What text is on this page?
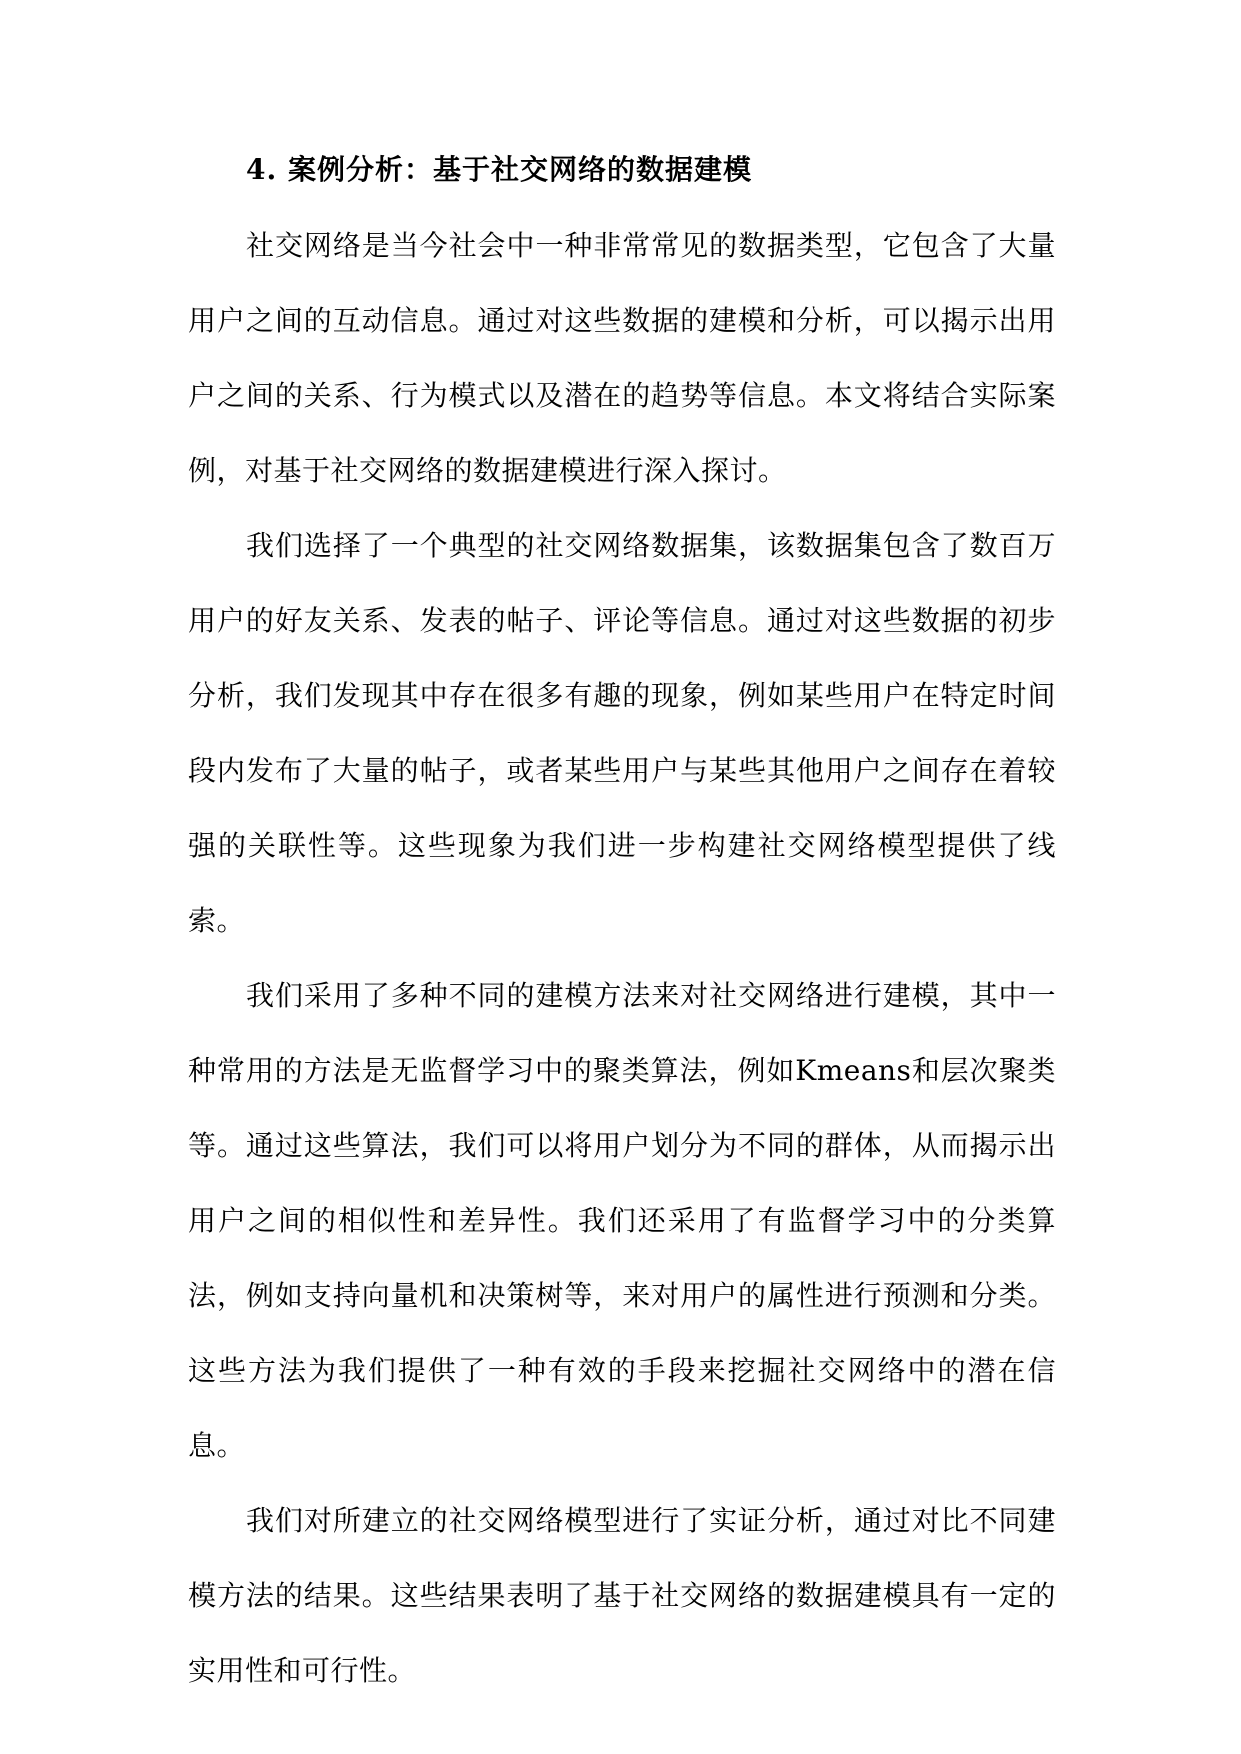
4. 案例分析：基于社交网络的数据建模

社交网络是当今社会中一种非常常见的数据类型，它包含了大量用户之间的互动信息。通过对这些数据的建模和分析，可以揭示出用户之间的关系、行为模式以及潜在的趋势等信息。本文将结合实际案例，对基于社交网络的数据建模进行深入探讨。

我们选择了一个典型的社交网络数据集，该数据集包含了数百万用户的好友关系、发表的帖子、评论等信息。通过对这些数据的初步分析，我们发现其中存在很多有趣的现象，例如某些用户在特定时间段内发布了大量的帖子，或者某些用户与某些其他用户之间存在着较强的关联性等。这些现象为我们进一步构建社交网络模型提供了线索。

我们采用了多种不同的建模方法来对社交网络进行建模，其中一种常用的方法是无监督学习中的聚类算法，例如Kmeans和层次聚类等。通过这些算法，我们可以将用户划分为不同的群体，从而揭示出用户之间的相似性和差异性。我们还采用了有监督学习中的分类算法，例如支持向量机和决策树等，来对用户的属性进行预测和分类。这些方法为我们提供了一种有效的手段来挖掘社交网络中的潜在信息。

我们对所建立的社交网络模型进行了实证分析，通过对比不同建模方法的结果。这些结果表明了基于社交网络的数据建模具有一定的实用性和可行性。
